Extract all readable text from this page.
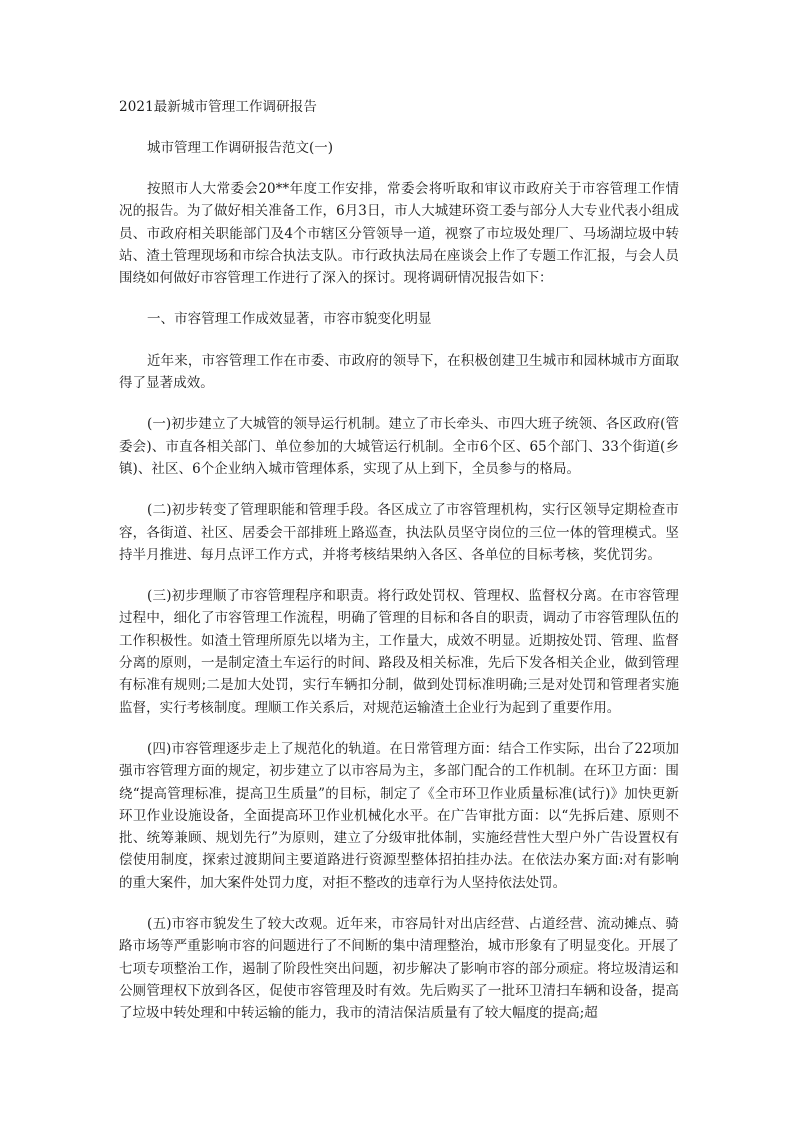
2021最新城市管理工作调研报告
城市管理工作调研报告范文(一)

按照市人大常委会20**年度工作安排，常委会将听取和审议市政府关于市容管理工作情况的报告。为了做好相关准备工作，6月3日，市人大城建环资工委与部分人大专业代表小组成员、市政府相关职能部门及4个市辖区分管领导一道，视察了市垃圾处理厂、马场湖垃圾中转站、渣土管理现场和市综合执法支队。市行政执法局在座谈会上作了专题工作汇报，与会人员围绕如何做好市容管理工作进行了深入的探讨。现将调研情况报告如下：

一、市容管理工作成效显著，市容市貌变化明显

近年来，市容管理工作在市委、市政府的领导下，在积极创建卫生城市和园林城市方面取得了显著成效。

(一)初步建立了大城管的领导运行机制。建立了市长牵头、市四大班子统领、各区政府(管委会)、市直各相关部门、单位参加的大城管运行机制。全市6个区、65个部门、33个街道(乡镇)、社区、6个企业纳入城市管理体系，实现了从上到下，全员参与的格局。

(二)初步转变了管理职能和管理手段。各区成立了市容管理机构，实行区领导定期检查市容，各街道、社区、居委会干部排班上路巡查，执法队员坚守岗位的三位一体的管理模式。坚持半月推进、每月点评工作方式，并将考核结果纳入各区、各单位的目标考核，奖优罚劣。

(三)初步理顺了市容管理程序和职责。将行政处罚权、管理权、监督权分离。在市容管理过程中，细化了市容管理工作流程，明确了管理的目标和各自的职责，调动了市容管理队伍的工作积极性。如渣土管理所原先以堵为主，工作量大，成效不明显。近期按处罚、管理、监督分离的原则，一是制定渣土车运行的时间、路段及相关标准，先后下发各相关企业，做到管理有标准有规则;二是加大处罚，实行车辆扣分制，做到处罚标准明确;三是对处罚和管理者实施监督，实行考核制度。理顺工作关系后，对规范运输渣土企业行为起到了重要作用。

(四)市容管理逐步走上了规范化的轨道。在日常管理方面：结合工作实际，出台了22项加强市容管理方面的规定，初步建立了以市容局为主，多部门配合的工作机制。在环卫方面：围绕“提高管理标准，提高卫生质量”的目标，制定了《全市环卫作业质量标准(试行)》加快更新环卫作业设施设备，全面提高环卫作业机械化水平。在广告审批方面：以“先拆后建、原则不批、统筹兼顾、规划先行”为原则，建立了分级审批体制，实施经营性大型户外广告设置权有偿使用制度，探索过渡期间主要道路进行资源型整体招拍挂办法。在依法办案方面:对有影响的重大案件，加大案件处罚力度，对拒不整改的违章行为人坚持依法处罚。

(五)市容市貌发生了较大改观。近年来，市容局针对出店经营、占道经营、流动摊点、骑路市场等严重影响市容的问题进行了不间断的集中清理整治，城市形象有了明显变化。开展了七项专项整治工作，遏制了阶段性突出问题，初步解决了影响市容的部分顽症。将垃圾清运和公厕管理权下放到各区，促使市容管理及时有效。先后购买了一批环卫清扫车辆和设备，提高了垃圾中转处理和中转运输的能力，我市的清洁保洁质量有了较大幅度的提高;超
